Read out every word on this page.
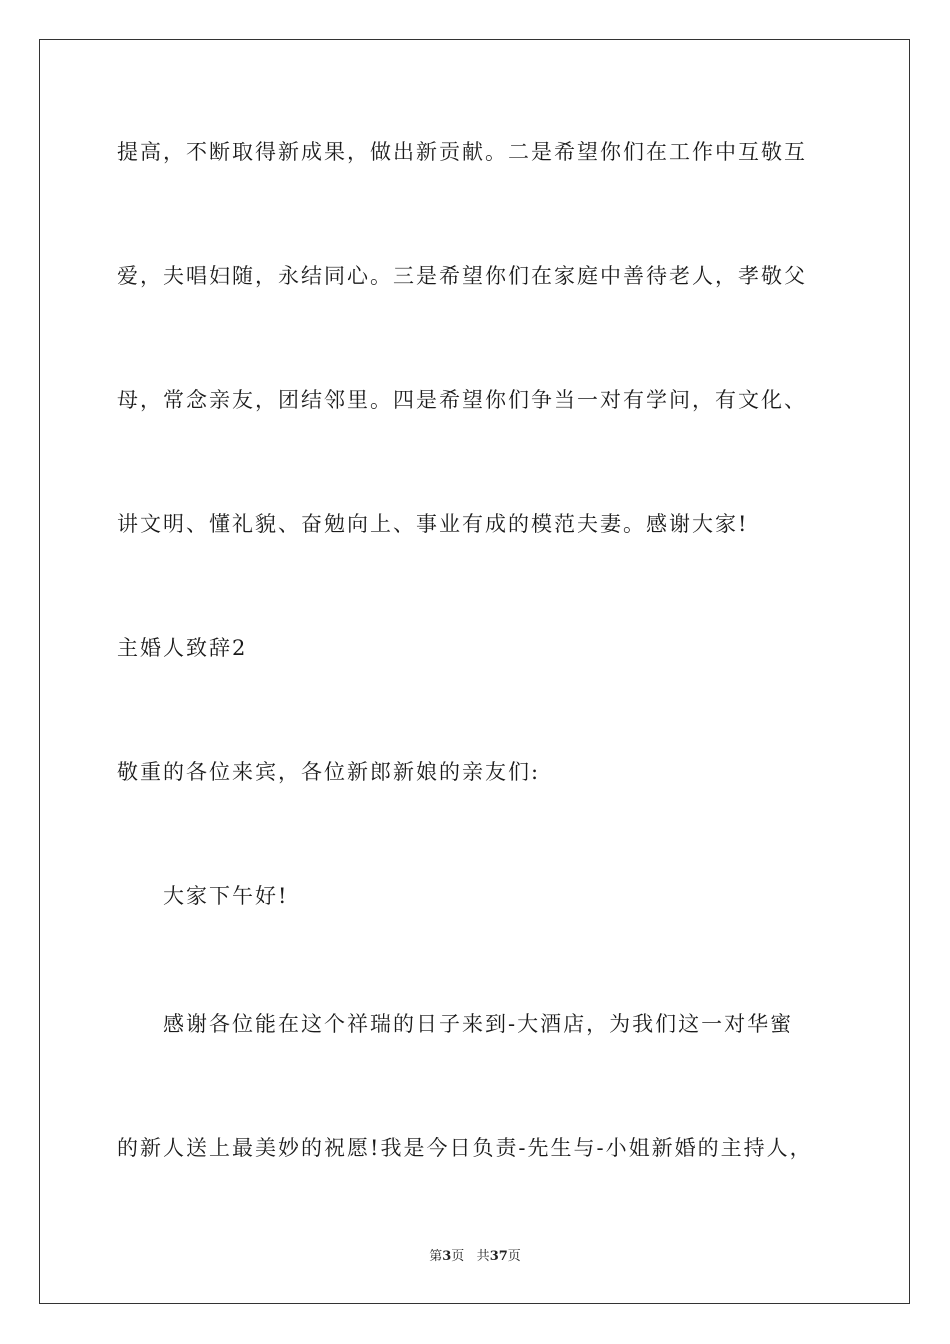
提高，不断取得新成果，做出新贡献。二是希望你们在工作中互敬互
爱，夫唱妇随，永结同心。三是希望你们在家庭中善待老人，孝敬父
母，常念亲友，团结邻里。四是希望你们争当一对有学问，有文化、
讲文明、懂礼貌、奋勉向上、事业有成的模范夫妻。感谢大家!
主婚人致辞2
敬重的各位来宾，各位新郎新娘的亲友们:
大家下午好!
感谢各位能在这个祥瑞的日子来到-大酒店，为我们这一对华蜜
的新人送上最美妙的祝愿!我是今日负责-先生与-小姐新婚的主持人，
第3页 共37页
